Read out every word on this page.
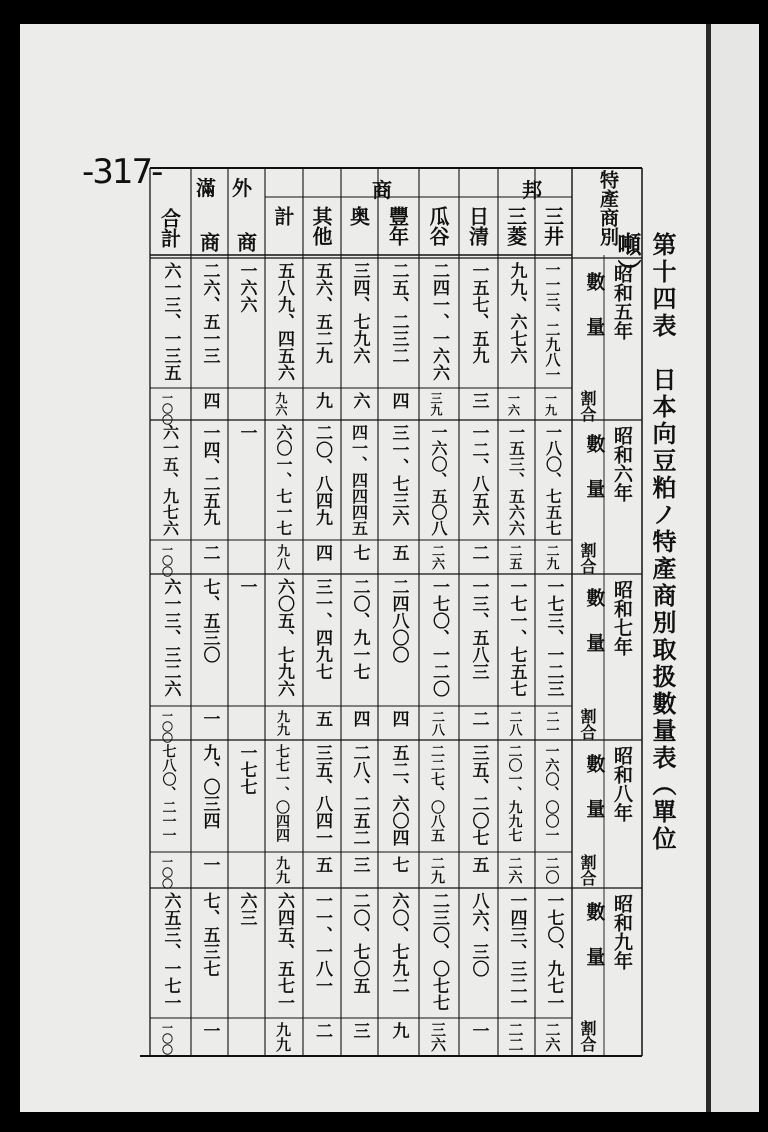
-317-
第十四表　日本向豆粕ノ特產商別取扱數量表（單位噸）
特產商別
邦
商
外
滿
三井
三菱
日清
瓜谷
豐年
奥
其他
計
商
商
合計
昭和五年
數量
割合
昭和六年
數量
割合
昭和七年
數量
割合
昭和八年
數量
割合
昭和九年
數量
割合
一一三、二九八一
一九
一八〇、七五七
二九
一七三、一二三
二一
一六〇、〇〇一
二〇
一七〇、九七一
二六
九九、六七六
一六
一五三、五六六
二五
一七一、七五七
二八
二〇一、九九七
二六
一四三、三二一
二二
一五七、五九
三
一二、八五六
二
一三、五八三
二
三五、二〇七
五
八六、三〇
一
二四一、一六六
三九
一六〇、五〇八
二六
一七〇、一二〇
二八
二二七、〇八五
二九
二三〇、〇七七
三六
二五、二三二
四
三一、七三六
五
二四八〇〇
四
五二、六〇四
七
六〇、七九二
九
三四、七九六
六
四一、四四四五
七
二〇、九一七
四
二八、二五二
三
二〇、七〇五
三
五六、五二九
九
二〇、八四九
四
三一、四九七
五
三五、八四一
五
一一、一八一
二
五八九、四五六
九六
六〇一、七一七
九八
六〇五、七九六
九九
七七一、〇四四
九九
六四五、五七一
九九
一六六
一
一
一七七
六三
二六、五一三
四
一四、二五九
二
七、五三〇
一
九、〇三四
一
七、五三七
一
六一三、一三五
一〇〇
六一五、九七六
一〇〇
六一三、三二六
一〇〇
七八〇、二一一
一〇〇
六五三、一七一
一〇〇
